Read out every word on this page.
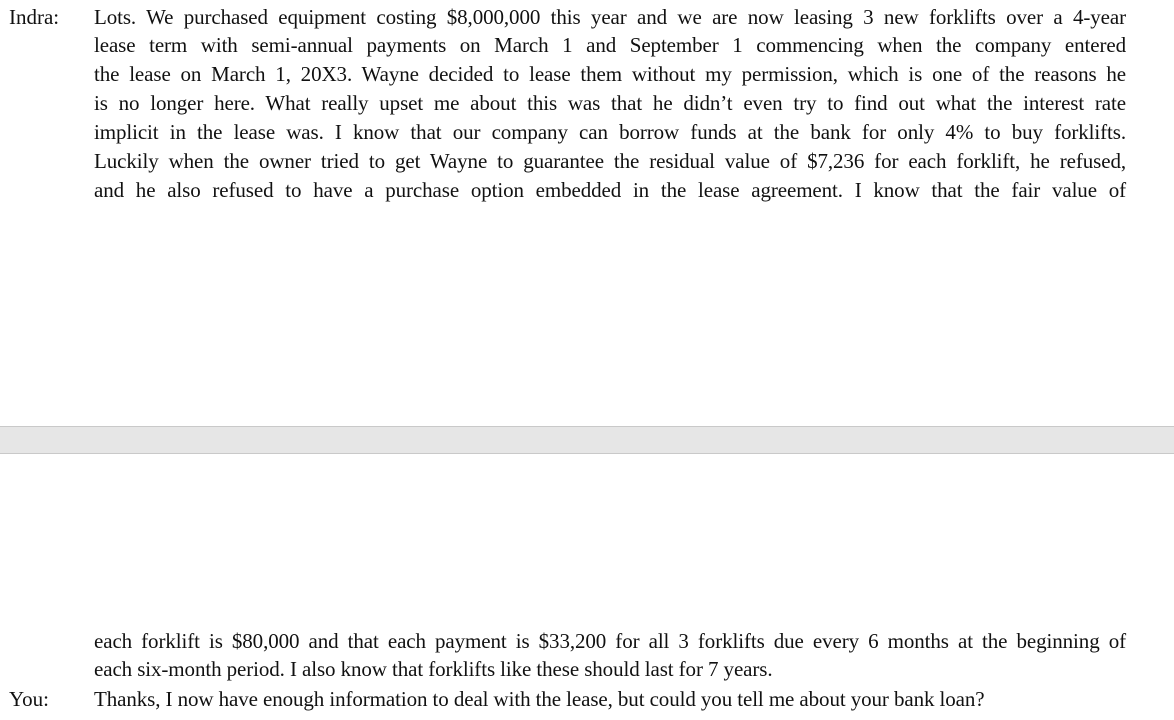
Indra: Lots. We purchased equipment costing $8,000,000 this year and we are now leasing 3 new forklifts over a 4-year
lease term with semi-annual payments on March 1 and September 1 commencing when the company entered
the lease on March 1, 20X3. Wayne decided to lease them without my permission, which is one of the reasons he
is no longer here. What really upset me about this was that he didn’t even try to find out what the interest rate
implicit in the lease was. I know that our company can borrow funds at the bank for only 4% to buy forklifts.
Luckily when the owner tried to get Wayne to guarantee the residual value of $7,236 for each forklift, he refused,
and he also refused to have a purchase option embedded in the lease agreement. I know that the fair value of
each forklift is $80,000 and that each payment is $33,200 for all 3 forklifts due every 6 months at the beginning of
each six-month period. I also know that forklifts like these should last for 7 years.
You: Thanks, I now have enough information to deal with the lease, but could you tell me about your bank loan?
